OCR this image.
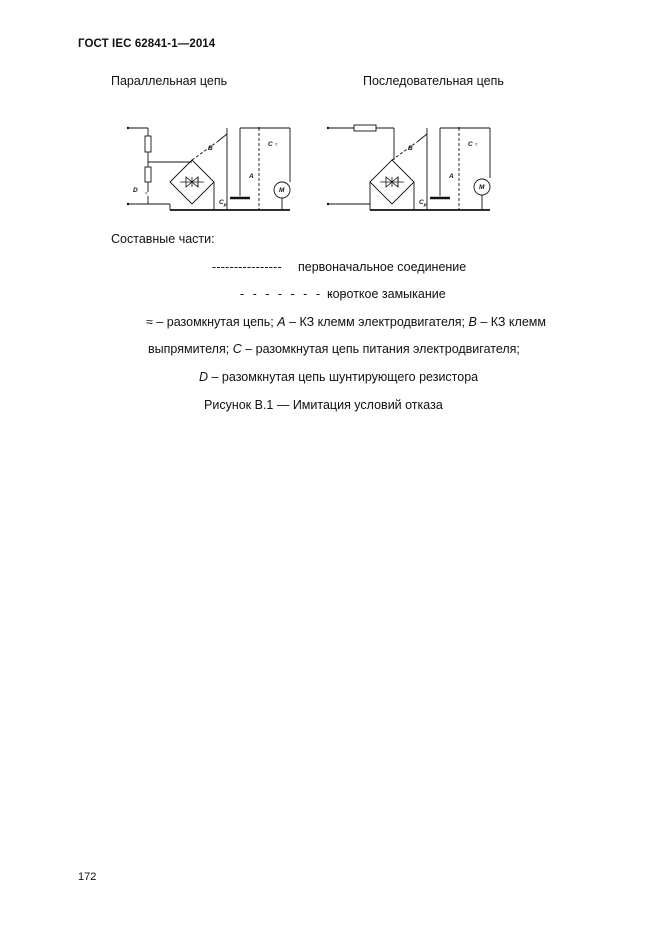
ГОСТ IEC 62841-1—2014
Параллельная цепь	Последовательная цепь
≈
D
B
A
$C_p$
C ≈
M
B
A
$C_p$
C ≈
M
Составные части:
---------------- первоначальное соединение
- - - - - - - - -
короткое замыкание
≈ – разомкнутая цепь; A – КЗ клемм электродвигателя; B – КЗ клемм
выпрямителя; C – разомкнутая цепь питания электродвигателя;
D – разомкнутая цепь шунтирующего резистора
Рисунок B.1 — Имитация условий отказа
172
